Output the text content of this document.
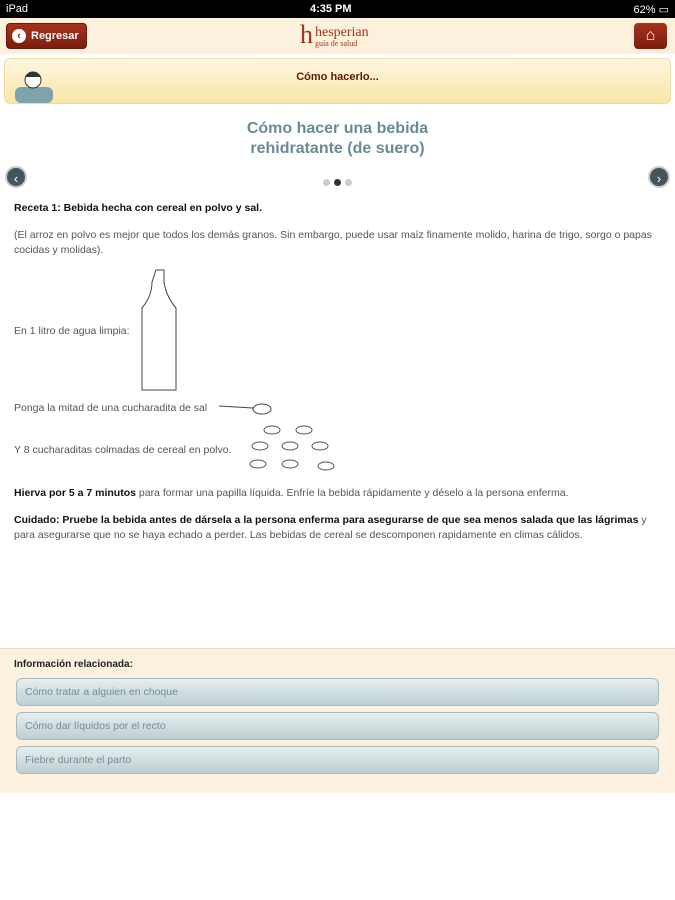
iPad	4:35 PM	62% ▭
‹ Regresar	h hesperian
guía de salud	⌂
Cómo hacerlo...
Cómo hacer una bebida
rehidratante (de suero)
‹	›

Receta 1: Bebida hecha con cereal en polvo y sal.

(El arroz en polvo es mejor que todos los demás granos. Sin embargo, puede usar maíz finamente molido, harina de trigo, sorgo o papas cocidas y molidas).

En 1 litro de agua limpia:
Ponga la mitad de una cucharadita de sal
Y 8 cucharaditas colmadas de cereal en polvo.

Hierva por 5 a 7 minutos para formar una papilla líquida. Enfríe la bebida rápidamente y déselo a la persona enferma.

Cuidado: Pruebe la bebida antes de dársela a la persona enferma para asegurarse de que sea menos salada que las lágrimas y para asegurarse que no se haya echado a perder. Las bebidas de cereal se descomponen rapidamente en climas cálidos.

Información relacionada:
Cómo tratar a alguien en choque
Cómo dar líquidos por el recto
Fiebre durante el parto
